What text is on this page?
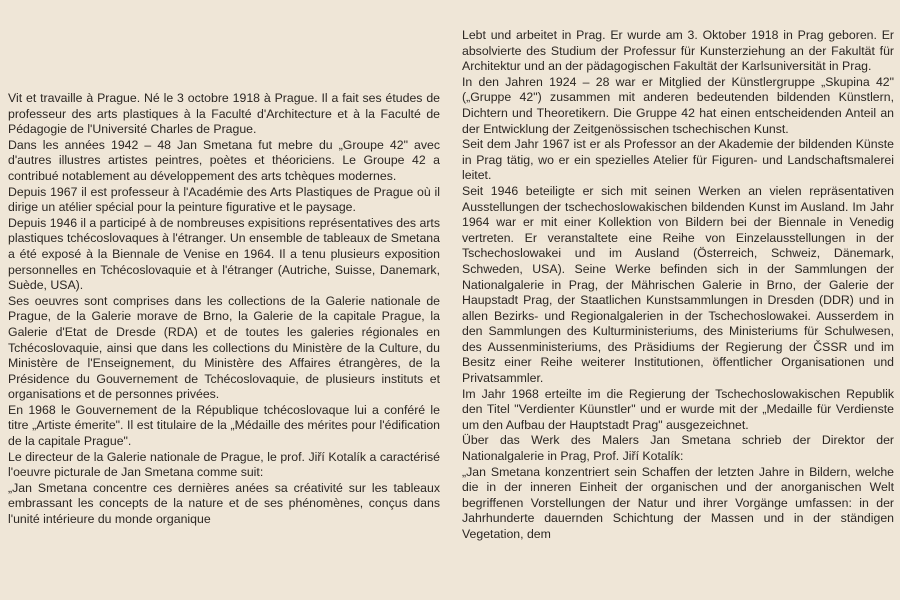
Vit et travaille à Prague. Né le 3 octobre 1918 à Prague. Il a fait ses études de professeur des arts plastiques à la Faculté d'Architecture et à la Faculté de Pédagogie de l'Université Charles de Prague.

Dans les années 1942 – 48 Jan Smetana fut mebre du „Groupe 42" avec d'autres illustres artistes peintres, poètes et théoriciens. Le Groupe 42 a contribué notablement au développement des arts tchèques modernes.

Depuis 1967 il est professeur à l'Académie des Arts Plastiques de Prague où il dirige un atélier spécial pour la peinture figurative et le paysage.

Depuis 1946 il a participé à de nombreuses expisitions représentatives des arts plastiques tchécoslovaques à l'étranger. Un ensemble de tableaux de Smetana a été exposé à la Biennale de Venise en 1964. Il a tenu plusieurs exposition personnelles en Tchécoslovaquie et à l'étranger (Autriche, Suisse, Danemark, Suède, USA).

Ses oeuvres sont comprises dans les collections de la Galerie nationale de Prague, de la Galerie morave de Brno, la Galerie de la capitale Prague, la Galerie d'Etat de Dresde (RDA) et de toutes les galeries régionales en Tchécoslovaquie, ainsi que dans les collections du Ministère de la Culture, du Ministère de l'Enseignement, du Ministère des Affaires étrangères, de la Présidence du Gouvernement de Tchécoslovaquie, de plusieurs instituts et organisations et de personnes privées.

En 1968 le Gouvernement de la République tchécoslovaque lui a conféré le titre „Artiste émerite". Il est titulaire de la „Médaille des mérites pour l'édification de la capitale Prague".

Le directeur de la Galerie nationale de Prague, le prof. Jiří Kotalík a caractérisé l'oeuvre picturale de Jan Smetana comme suit:

„Jan Smetana concentre ces dernières anées sa créativité sur les tableaux embrassant les concepts de la nature et de ses phénomènes, conçus dans l'unité intérieure du monde organique

Lebt und arbeitet in Prag. Er wurde am 3. Oktober 1918 in Prag geboren. Er absolvierte des Studium der Professur für Kunsterziehung an der Fakultät für Architektur und an der pädagogischen Fakultät der Karlsuniversität in Prag.

In den Jahren 1924 – 28 war er Mitglied der Künstlergruppe „Skupina 42" („Gruppe 42") zusammen mit anderen bedeutenden bildenden Künstlern, Dichtern und Theoretikern. Die Gruppe 42 hat einen entscheidenden Anteil an der Entwicklung der Zeitgenössischen tschechischen Kunst.

Seit dem Jahr 1967 ist er als Professor an der Akademie der bildenden Künste in Prag tätig, wo er ein spezielles Atelier für Figuren- und Landschaftsmalerei leitet.

Seit 1946 beteiligte er sich mit seinen Werken an vielen repräsentativen Ausstellungen der tschechoslowakischen bildenden Kunst im Ausland. Im Jahr 1964 war er mit einer Kollektion von Bildern bei der Biennale in Venedig vertreten. Er veranstaltete eine Reihe von Einzelausstellungen in der Tschechoslowakei und im Ausland (Österreich, Schweiz, Dänemark, Schweden, USA). Seine Werke befinden sich in der Sammlungen der Nationalgalerie in Prag, der Mährischen Galerie in Brno, der Galerie der Haupstadt Prag, der Staatlichen Kunstsammlungen in Dresden (DDR) und in allen Bezirks- und Regionalgalerien in der Tschechoslowakei. Ausserdem in den Sammlungen des Kulturministeriums, des Ministeriums für Schulwesen, des Aussenministeriums, des Präsidiums der Regierung der ČSSR und im Besitz einer Reihe weiterer Institutionen, öffentlicher Organisationen und Privatsammler.

Im Jahr 1968 erteilte im die Regierung der Tschechoslowakischen Republik den Titel "Verdienter Küunstler" und er wurde mit der „Medaille für Verdienste um den Aufbau der Hauptstadt Prag" ausgezeichnet.

Über das Werk des Malers Jan Smetana schrieb der Direktor der Nationalgalerie in Prag, Prof. Jiří Kotalík:

„Jan Smetana konzentriert sein Schaffen der letzten Jahre in Bildern, welche die in der inneren Einheit der organischen und der anorganischen Welt begriffenen Vorstellungen der Natur und ihrer Vorgänge umfassen: in der Jahrhunderte dauernden Schichtung der Massen und in der ständigen Vegetation, dem
